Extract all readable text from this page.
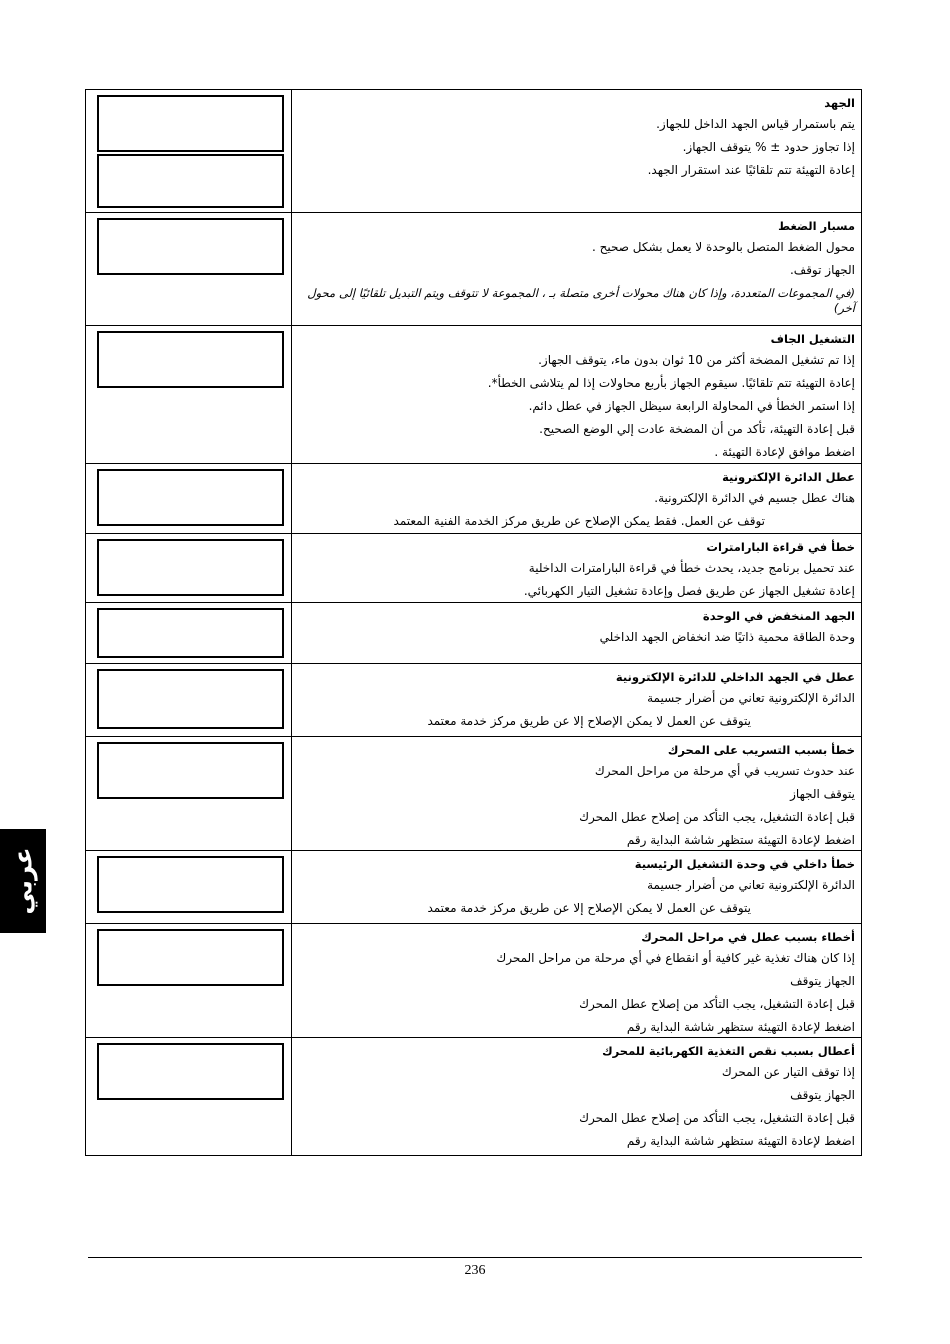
الجهد
يتم باستمرار قياس الجهد الداخل للجهاز.
إذا تجاوز حدود ± % يتوقف الجهاز.
إعادة التهيئة تتم تلقائيًا عند استقرار الجهد.
مسبار الضغط
محول الضغط المتصل بالوحدة لا يعمل بشكل صحيح .
الجهاز توقف.
(في المجموعات المتعددة، وإذا كان هناك محولات أخرى متصلة بـ ، المجموعة لا تتوقف ويتم التبديل تلقائيًا إلى محول آخر)
التشغيل الجاف
إذا تم تشغيل المضخة أكثر من 10 ثوان بدون ماء، يتوقف الجهاز.
إعادة التهيئة تتم تلقائيًا. سيقوم الجهاز بأربع محاولات إذا لم يتلاشى الخطأ*.
إذا استمر الخطأ في المحاولة الرابعة سيظل الجهاز في عطل دائم.
قبل إعادة التهيئة، تأكد من أن المضخة عادت إلي الوضع الصحيح.
اضغط موافق لإعادة التهيئة .
عطل الدائرة الإلكترونية
هناك عطل جسيم في الدائرة الإلكترونية.
توقف عن العمل. فقط يمكن الإصلاح عن طريق مركز الخدمة الفنية المعتمد
خطأ في قراءة البارامترات
عند تحميل برنامج جديد، يحدث خطأ في قراءة البارامترات الداخلية
إعادة تشغيل الجهاز عن طريق فصل وإعادة تشغيل التيار الكهربائي.
الجهد المنخفض في الوحدة
وحدة الطاقة محمية ذاتيًا ضد انخفاض الجهد الداخلي
عطل في الجهد الداخلي للدائرة الإلكترونية
الدائرة الإلكترونية تعاني من أضرار جسيمة
يتوقف عن العمل لا يمكن الإصلاح إلا عن طريق مركز خدمة معتمد
خطأ بسبب التسريب على المحرك
عند حدوث تسريب في أي مرحلة من مراحل المحرك
يتوقف الجهاز
قبل إعادة التشغيل، يجب التأكد من إصلاح عطل المحرك
اضغط لإعادة التهيئة ستظهر شاشة البداية رقم
خطأ داخلي في وحدة التشغيل الرئيسية
الدائرة الإلكترونية تعاني من أضرار جسيمة
يتوقف عن العمل لا يمكن الإصلاح إلا عن طريق مركز خدمة معتمد
أخطاء بسبب عطل في مراحل المحرك
إذا كان هناك تغذية غير كافية أو انقطاع في أي مرحلة من مراحل المحرك
الجهاز يتوقف
قبل إعادة التشغيل، يجب التأكد من إصلاح عطل المحرك
اضغط لإعادة التهيئة ستظهر شاشة البداية رقم
أعطال بسبب نقص التغذية الكهربائية للمحرك
إذا توقف التيار عن المحرك
الجهاز يتوقف
قبل إعادة التشغيل، يجب التأكد من إصلاح عطل المحرك
اضغط لإعادة التهيئة ستظهر شاشة البداية رقم
عربي
236
